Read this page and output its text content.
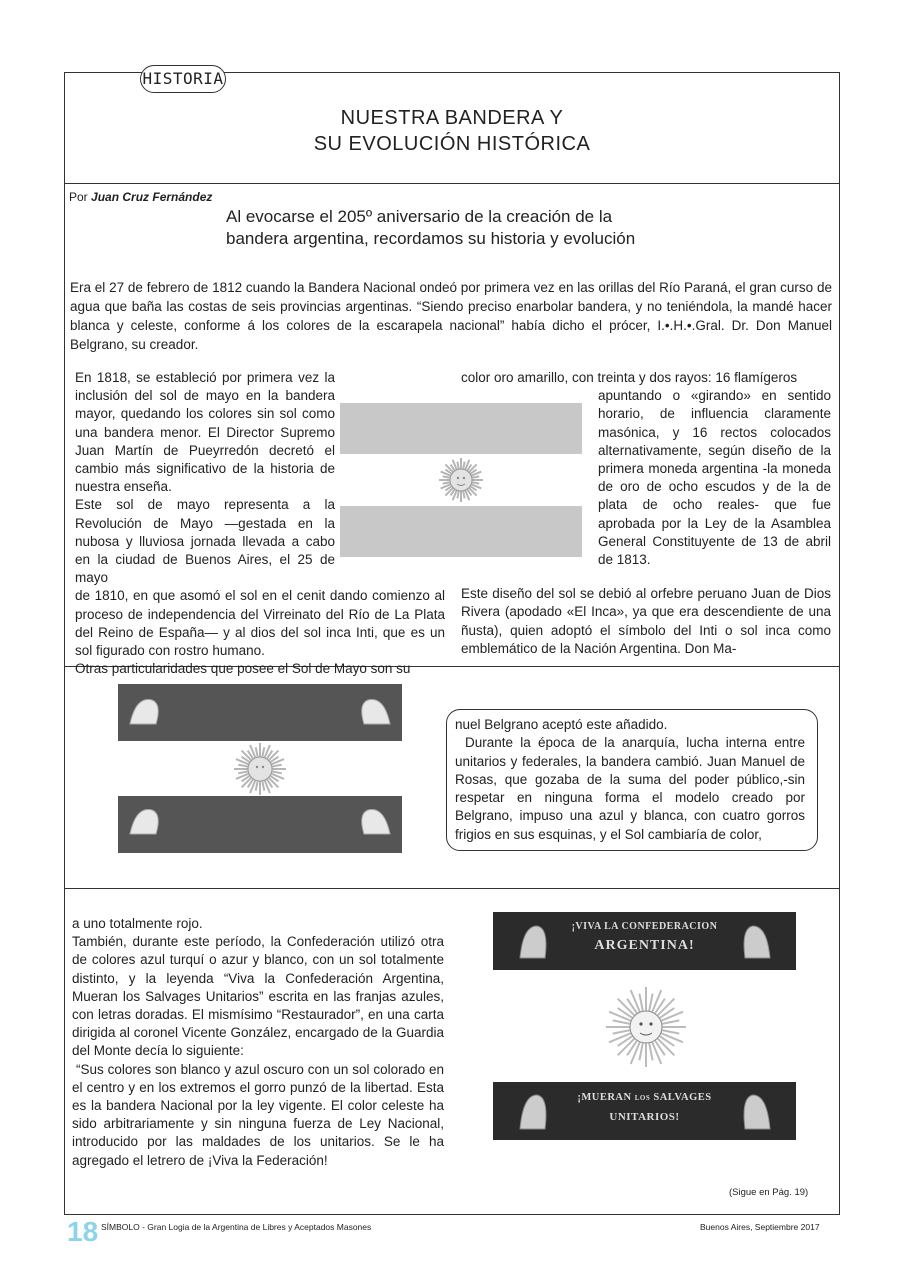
HISTORIA
NUESTRA BANDERA Y
SU EVOLUCIÓN HISTÓRICA
Por Juan Cruz Fernández
Al evocarse el 205º aniversario de la creación de la
bandera argentina, recordamos su historia y evolución
Era el 27 de febrero de 1812 cuando la Bandera Nacional ondeó por primera vez en las orillas del Río Paraná, el gran curso de agua que baña las costas de seis provincias argentinas. “Siendo preciso enarbolar bandera, y no teniéndola, la mandé hacer blanca y celeste, conforme á los colores de la escarapela nacional” había dicho el prócer, I.•.H.•.Gral. Dr. Don Manuel Belgrano, su creador.

En 1818, se estableció por primera vez la inclusión del sol de mayo en la bandera mayor, quedando los colores sin sol como una bandera menor. El Director Supremo Juan Martín de Pueyrredón decretó el cambio más significativo de la historia de nuestra enseña.

Este sol de mayo representa a la Revolución de Mayo —gestada en la nubosa y lluviosa jornada llevada a cabo en la ciudad de Buenos Aires, el 25 de mayo

de 1810, en que asomó el sol en el cenit dando comienzo al proceso de independencia del Virreinato del Río de La Plata del Reino de España— y al dios del sol inca Inti, que es un sol figurado con rostro humano.

Otras particularidades que posee el Sol de Mayo son su

color oro amarillo, con treinta y dos rayos: 16 flamígeros

apuntando o «girando» en sentido horario, de influencia claramente masónica, y 16 rectos colocados alternativamente, según diseño de la primera moneda argentina -la moneda de oro de ocho escudos y de la de plata de ocho reales- que fue aprobada por la Ley de la Asamblea General Constituyente de 13 de abril de 1813.

Este diseño del sol se debió al orfebre peruano Juan de Dios Rivera (apodado «El Inca», ya que era descendiente de una ñusta), quien adoptó el símbolo del Inti o sol inca como emblemático de la Nación Argentina. Don Ma-

nuel Belgrano aceptó este añadido.
Durante la época de la anarquía, lucha interna entre unitarios y federales, la bandera cambió. Juan Manuel de Rosas, que gozaba de la suma del poder público,-sin respetar en ninguna forma el modelo creado por Belgrano, impuso una azul y blanca, con cuatro gorros frigios en sus esquinas, y el Sol cambiaría de color,

a uno totalmente rojo.

También, durante este período, la Confederación utilizó otra de colores azul turquí o azur y blanco, con un sol totalmente distinto, y la leyenda “Viva la Confederación Argentina, Mueran los Salvages Unitarios” escrita en las franjas azules, con letras doradas. El mismísimo “Restaurador”, en una carta dirigida al coronel Vicente González, encargado de la Guardia del Monte decía lo siguiente:

“Sus colores son blanco y azul oscuro con un sol colorado en el centro y en los extremos el gorro punzó de la libertad. Esta es la bandera Nacional por la ley vigente. El color celeste ha sido arbitrariamente y sin ninguna fuerza de Ley Nacional, introducido por las maldades de los unitarios. Se le ha agregado el letrero de ¡Viva la Federación!

¡VIVA LA CONFEDERACION
ARGENTINA!
¡MUERAN LOS SALVAGES
UNITARIOS!
(Sigue en Pág. 19)
18 SÍMBOLO - Gran Logia de la Argentina de Libres y Aceptados Masones	Buenos Aires, Septiembre 2017
